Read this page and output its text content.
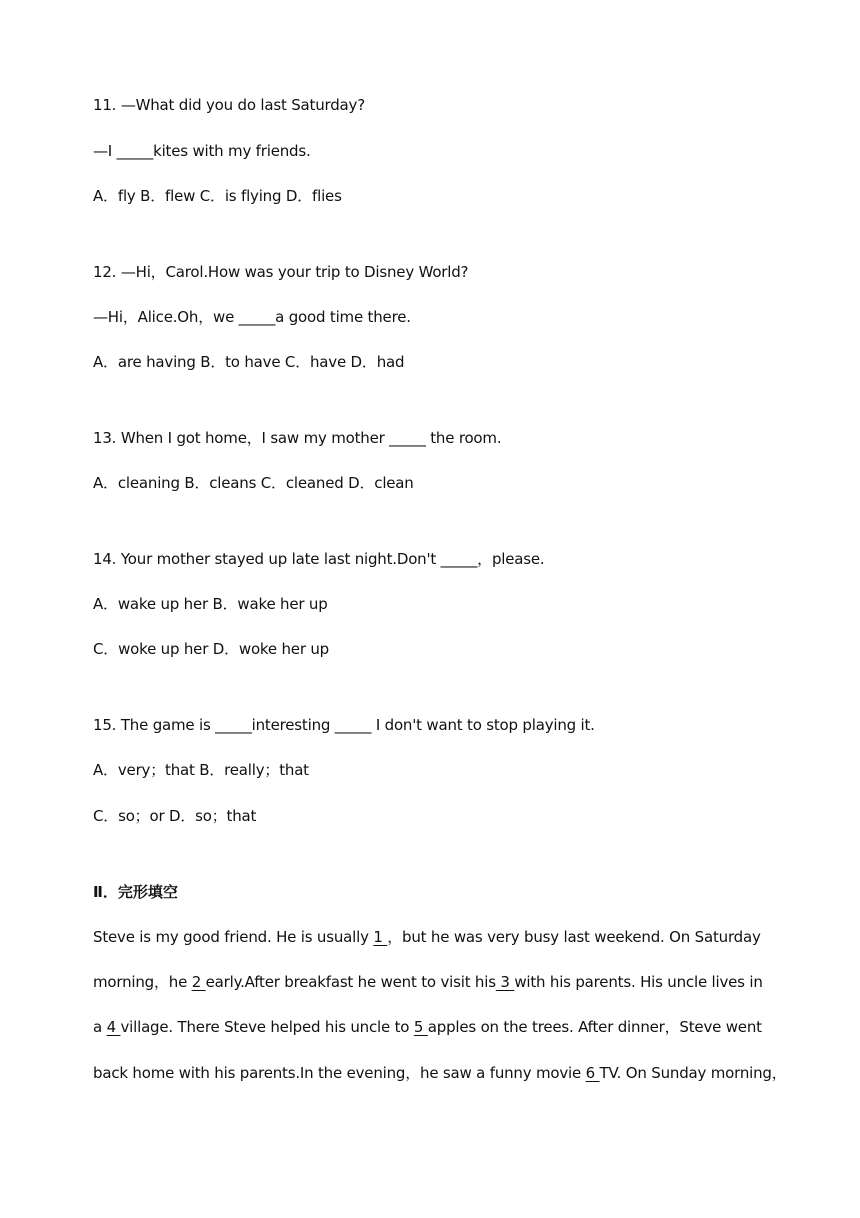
11. —What did you do last Saturday?
—I _____kites with my friends.
A．fly B．flew C．is flying D．flies
12. —Hi，Carol.How was your trip to Disney World?
—Hi，Alice.Oh，we _____a good time there.
A．are having B．to have C．have D．had
13. When I got home，I saw my mother _____ the room.
A．cleaning B．cleans C．cleaned D．clean
14. Your mother stayed up late last night.Don't _____，please.
A．wake up her B．wake her up
C．woke up her D．woke her up
15. The game is _____interesting _____ I don't want to stop playing it.
A．very；that B．really；that
C．so；or D．so；that
Ⅱ．完形填空
Steve is my good friend. He is usually 1 ，but he was very busy last weekend. On Saturday
morning，he 2 early.After breakfast he went to visit his 3 with his parents. His uncle lives in
a 4 village. There Steve helped his uncle to 5 apples on the trees. After dinner，Steve went
back home with his parents.In the evening，he saw a funny movie 6 TV. On Sunday morning，
